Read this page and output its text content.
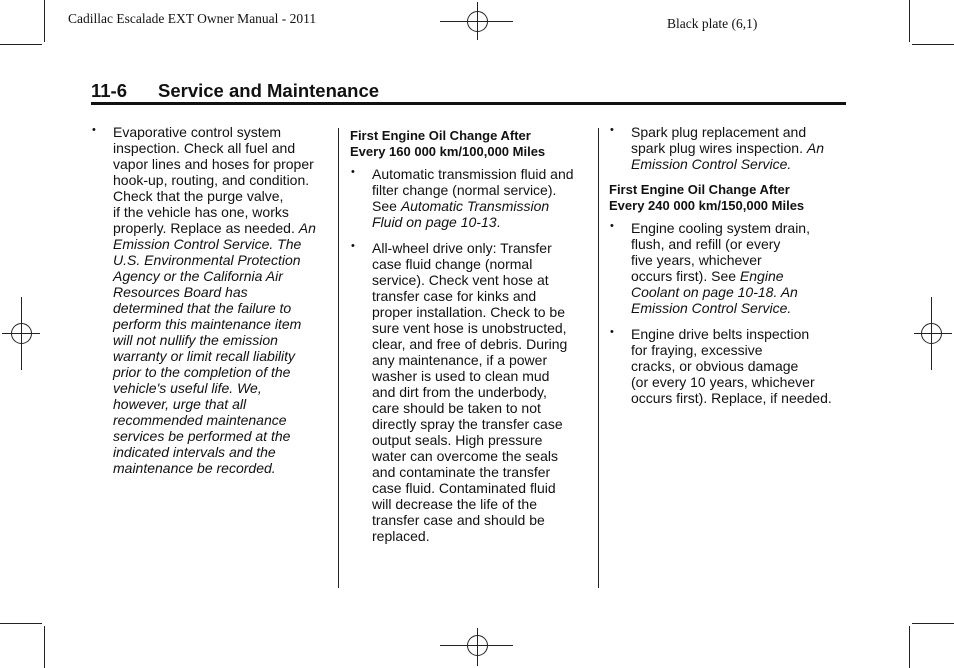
Cadillac Escalade EXT Owner Manual - 2011	Black plate (6,1)
11-6 Service and Maintenance
• Evaporative control system

inspection. Check all fuel and

vapor lines and hoses for proper

hook-up, routing, and condition.

Check that the purge valve,

if the vehicle has one, works

properly. Replace as needed. An

Emission Control Service. The

U.S. Environmental Protection

Agency or the California Air

Resources Board has

determined that the failure to

perform this maintenance item

will not nullify the emission

warranty or limit recall liability

prior to the completion of the

vehicle's useful life. We,

however, urge that all

recommended maintenance

services be performed at the

indicated intervals and the

maintenance be recorded.

First Engine Oil Change After
Every 160 000 km/100,000 Miles
• Automatic transmission fluid and

filter change (normal service).

See Automatic Transmission

Fluid on page 10-13.

• All-wheel drive only: Transfer

case fluid change (normal

service). Check vent hose at

transfer case for kinks and

proper installation. Check to be

sure vent hose is unobstructed,

clear, and free of debris. During

any maintenance, if a power

washer is used to clean mud

and dirt from the underbody,

care should be taken to not

directly spray the transfer case

output seals. High pressure

water can overcome the seals

and contaminate the transfer

case fluid. Contaminated fluid

will decrease the life of the

transfer case and should be

replaced.

• Spark plug replacement and

spark plug wires inspection. An

Emission Control Service.

First Engine Oil Change After
Every 240 000 km/150,000 Miles
• Engine cooling system drain,

flush, and refill (or every

five years, whichever

occurs first). See Engine

Coolant on page 10-18. An

Emission Control Service.

• Engine drive belts inspection

for fraying, excessive

cracks, or obvious damage

(or every 10 years, whichever

occurs first). Replace, if needed.
